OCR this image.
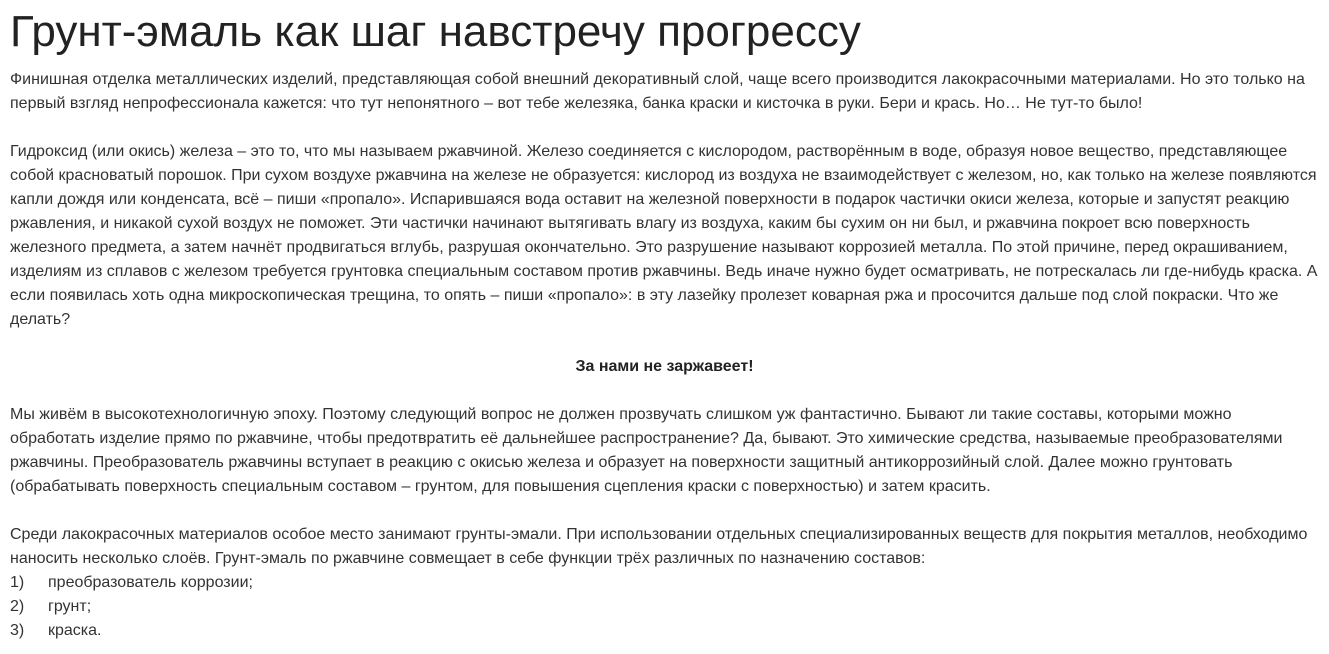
Грунт-эмаль как шаг навстречу прогрессу

Финишная отделка металлических изделий, представляющая собой внешний декоративный слой, чаще всего производится лакокрасочными материалами. Но это только на первый взгляд непрофессионала кажется: что тут непонятного – вот тебе железяка, банка краски и кисточка в руки. Бери и крась. Но… Не тут-то было!

Гидроксид (или окись) железа – это то, что мы называем ржавчиной. Железо соединяется с кислородом, растворённым в воде, образуя новое вещество, представляющее собой красноватый порошок. При сухом воздухе ржавчина на железе не образуется: кислород из воздуха не взаимодействует с железом, но, как только на железе появляются капли дождя или конденсата, всё – пиши «пропало». Испарившаяся вода оставит на железной поверхности в подарок частички окиси железа, которые и запустят реакцию ржавления, и никакой сухой воздух не поможет. Эти частички начинают вытягивать влагу из воздуха, каким бы сухим он ни был, и ржавчина покроет всю поверхность железного предмета, а затем начнёт продвигаться вглубь, разрушая окончательно. Это разрушение называют коррозией металла. По этой причине, перед окрашиванием, изделиям из сплавов с железом требуется грунтовка специальным составом против ржавчины. Ведь иначе нужно будет осматривать, не потрескалась ли где-нибудь краска. А если появилась хоть одна микроскопическая трещина, то опять – пиши «пропало»: в эту лазейку пролезет коварная ржа и просочится дальше под слой покраски. Что же делать?

За нами не заржавеет!

Мы живём в высокотехнологичную эпоху. Поэтому следующий вопрос не должен прозвучать слишком уж фантастично. Бывают ли такие составы, которыми можно обработать изделие прямо по ржавчине, чтобы предотвратить её дальнейшее распространение? Да, бывают. Это химические средства, называемые преобразователями ржавчины. Преобразователь ржавчины вступает в реакцию с окисью железа и образует на поверхности защитный антикоррозийный слой. Далее можно грунтовать (обрабатывать поверхность специальным составом – грунтом, для повышения сцепления краски с поверхностью) и затем красить.

Среди лакокрасочных материалов особое место занимают грунты-эмали. При использовании отдельных специализированных веществ для покрытия металлов, необходимо наносить несколько слоёв. Грунт-эмаль по ржавчине совмещает в себе функции трёх различных по назначению составов:

1)	преобразователь коррозии;
2)	грунт;
3)	краска.
